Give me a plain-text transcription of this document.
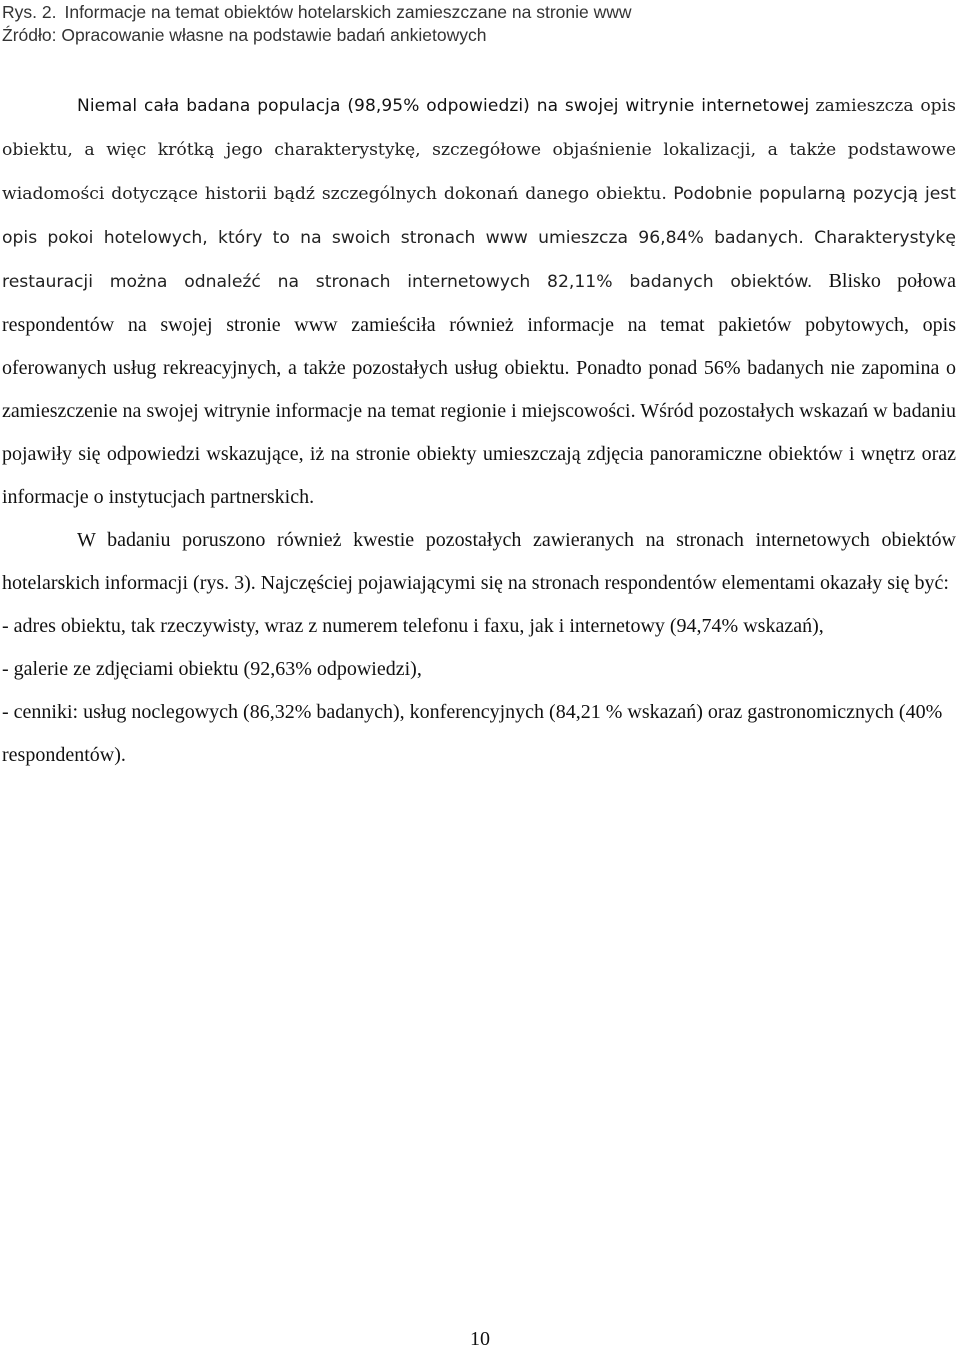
Rys. 2. Informacje na temat obiektów hotelarskich zamieszczane na stronie www
Źródło: Opracowanie własne na podstawie badań ankietowych

Niemal cała badana populacja (98,95% odpowiedzi) na swojej witrynie internetowej zamieszcza opis obiektu, a więc krótką jego charakterystykę, szczegółowe objaśnienie lokalizacji, a także podstawowe wiadomości dotyczące historii bądź szczególnych dokonań danego obiektu. Podobnie popularną pozycją jest opis pokoi hotelowych, który to na swoich stronach www umieszcza 96,84% badanych. Charakterystykę restauracji można odnaleźć na stronach internetowych 82,11% badanych obiektów. Blisko połowa respondentów na swojej stronie www zamieściła również informacje na temat pakietów pobytowych, opis oferowanych usług rekreacyjnych, a także pozostałych usług obiektu. Ponadto ponad 56% badanych nie zapomina o zamieszczenie na swojej witrynie informacje na temat regionie i miejscowości. Wśród pozostałych wskazań w badaniu pojawiły się odpowiedzi wskazujące, iż na stronie obiekty umieszczają zdjęcia panoramiczne obiektów i wnętrz oraz informacje o instytucjach partnerskich.

W badaniu poruszono również kwestie pozostałych zawieranych na stronach internetowych obiektów hotelarskich informacji (rys. 3). Najczęściej pojawiającymi się na stronach respondentów elementami okazały się być:

- adres obiektu, tak rzeczywisty, wraz z numerem telefonu i faxu, jak i internetowy (94,74% wskazań),

- galerie ze zdjęciami obiektu (92,63% odpowiedzi),

- cenniki: usług noclegowych (86,32% badanych), konferencyjnych (84,21 % wskazań) oraz gastronomicznych (40% respondentów).

10
